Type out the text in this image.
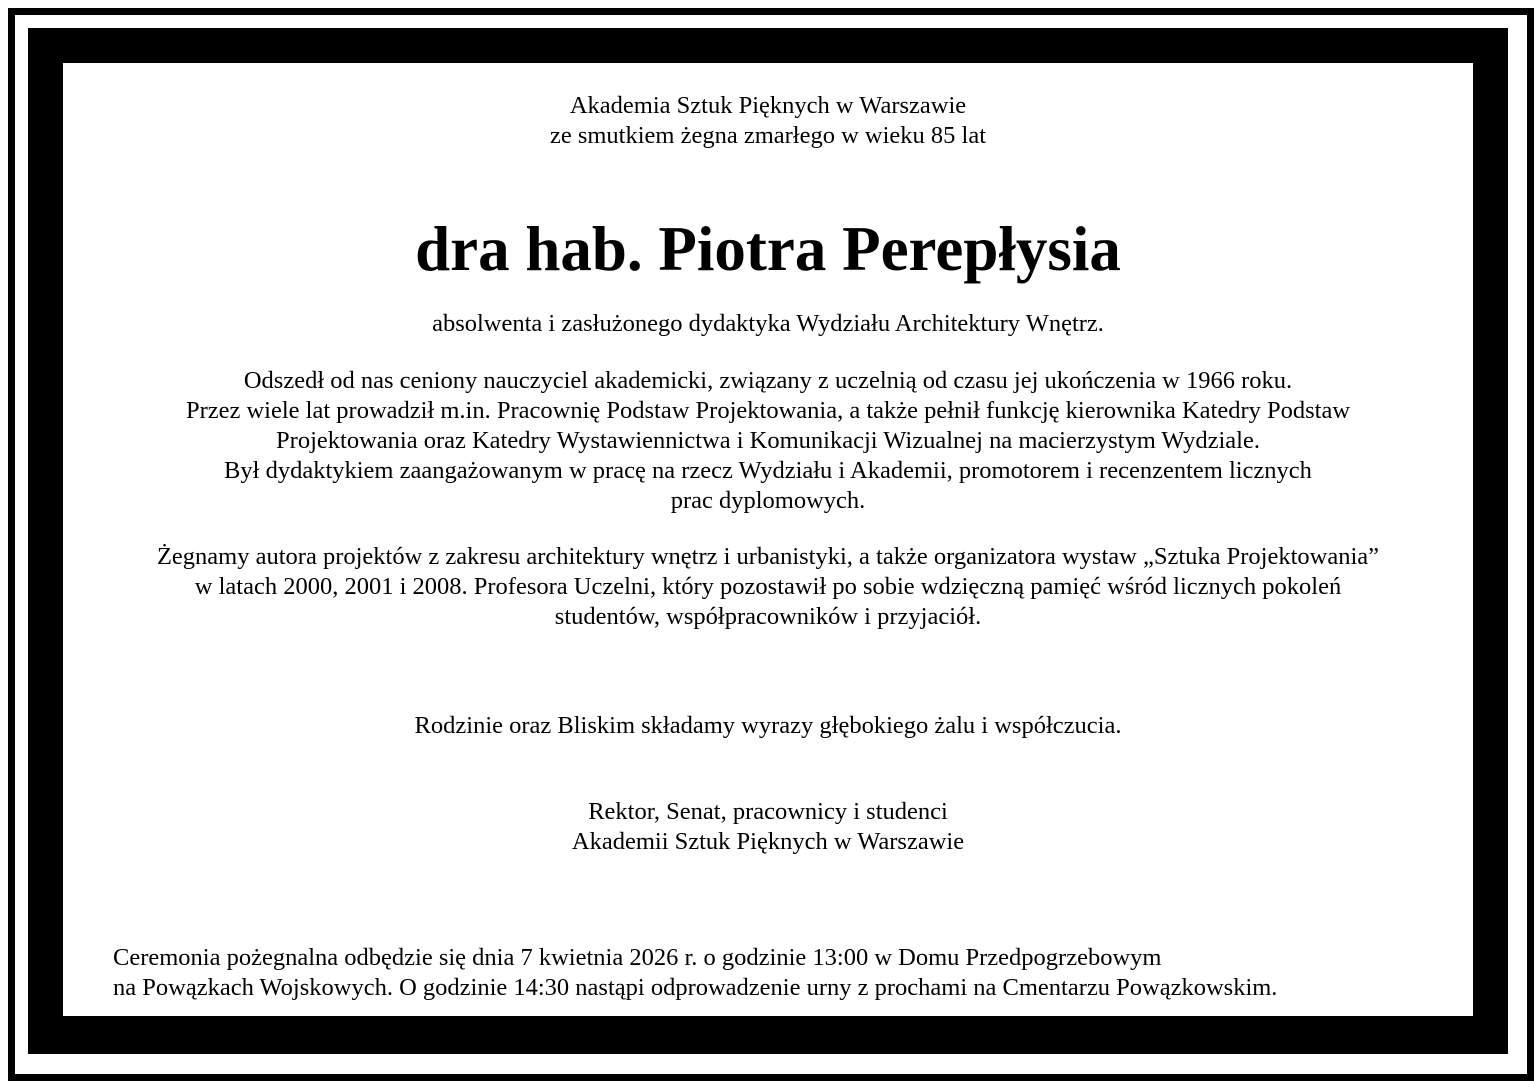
Akademia Sztuk Pięknych w Warszawie
ze smutkiem żegna zmarłego w wieku 85 lat
dra hab. Piotra Perepłysia
absolwenta i zasłużonego dydaktyka Wydziału Architektury Wnętrz.
Odszedł od nas ceniony nauczyciel akademicki, związany z uczelnią od czasu jej ukończenia w 1966 roku.
Przez wiele lat prowadził m.in. Pracownię Podstaw Projektowania, a także pełnił funkcję kierownika Katedry Podstaw
Projektowania oraz Katedry Wystawiennictwa i Komunikacji Wizualnej na macierzystym Wydziale.
Był dydaktykiem zaangażowanym w pracę na rzecz Wydziału i Akademii, promotorem i recenzentem licznych
prac dyplomowych.
Żegnamy autora projektów z zakresu architektury wnętrz i urbanistyki, a także organizatora wystaw „Sztuka Projektowania”
w latach 2000, 2001 i 2008. Profesora Uczelni, który pozostawił po sobie wdzięczną pamięć wśród licznych pokoleń
studentów, współpracowników i przyjaciół.
Rodzinie oraz Bliskim składamy wyrazy głębokiego żalu i współczucia.
Rektor, Senat, pracownicy i studenci
Akademii Sztuk Pięknych w Warszawie
Ceremonia pożegnalna odbędzie się dnia 7 kwietnia 2026 r. o godzinie 13:00 w Domu Przedpogrzebowym
na Powązkach Wojskowych. O godzinie 14:30 nastąpi odprowadzenie urny z prochami na Cmentarzu Powązkowskim.
